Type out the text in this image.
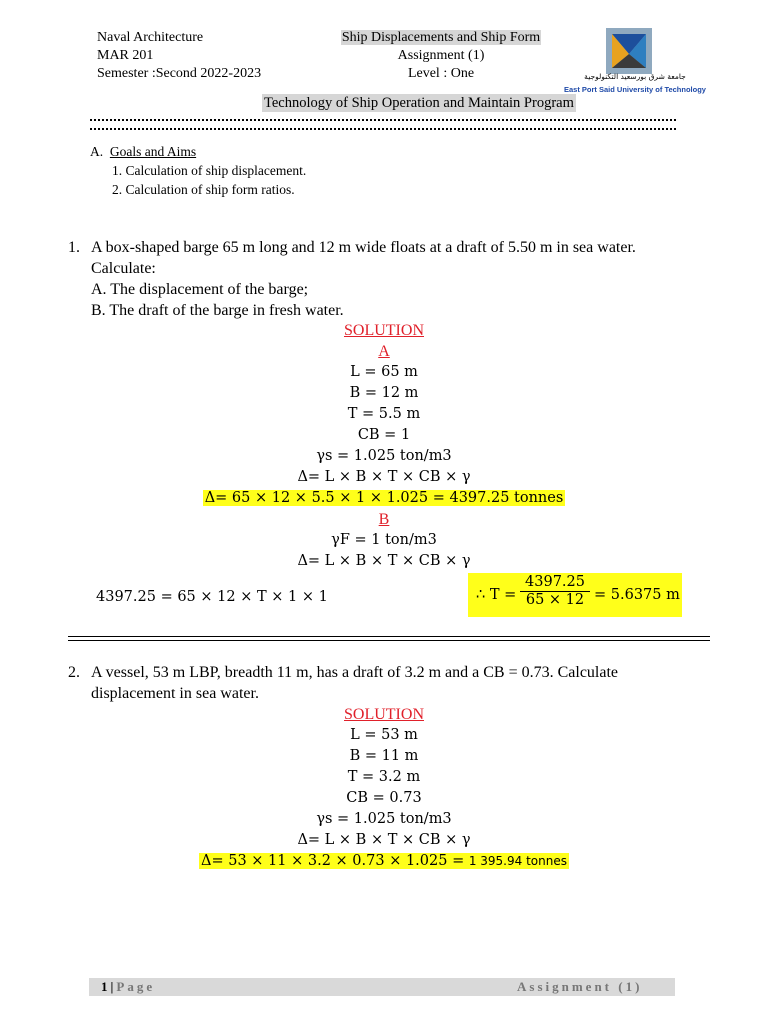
Naval Architecture
MAR 201
Semester :Second 2022-2023
Ship Displacements and Ship Form
Assignment (1)
Level : One	جامعة شرق بورسعيد التكنولوجية
East Port Said University of Technology
Technology of Ship Operation and Maintain Program
A. Goals and Aims
1. Calculation of ship displacement.
2. Calculation of ship form ratios.
1. A box-shaped barge 65 m long and 12 m wide floats at a draft of 5.50 m in sea water.
Calculate:
A. The displacement of the barge;
B. The draft of the barge in fresh water.
SOLUTION
A
L = 65 m
B = 12 m
T = 5.5 m
CB = 1
γs = 1.025 ton/m3
Δ= L × B × T × CB × γ
Δ= 65 × 12 × 5.5 × 1 × 1.025 = 4397.25 tonnes
B
γF = 1 ton/m3
Δ= L × B × T × CB × γ
4397.25 = 65 × 12 × T × 1 × 1	∴ $T = \frac{4397.25}{65 \times 12} = 5.6375$ m
2. A vessel, 53 m LBP, breadth 11 m, has a draft of 3.2 m and a CB = 0.73. Calculate
displacement in sea water.
SOLUTION
L = 53 m
B = 11 m
T = 3.2 m
CB = 0.73
γs = 1.025 ton/m3
Δ= L × B × T × CB × γ
Δ= 53 × 11 × 3.2 × 0.73 × 1.025 = 1 395.94 tonnes
1|Page	Assignment (1)
